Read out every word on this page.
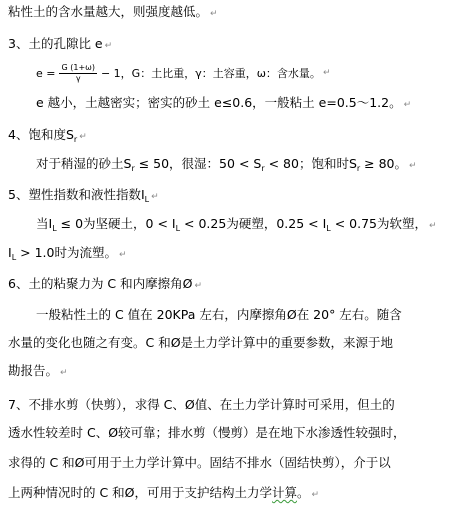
粘性土的含水量越大，则强度越低。 ↵
3、土的孔隙比 e ↵
$e = \frac{G (1+\omega)}{\gamma} - 1$，G：土比重，γ：土容重，ω：含水量。 ↵
e 越小，土越密实；密实的砂土 e≤0.6，一般粘土 e=0.5～1.2。 ↵
4、饱和度$S_r$ ↵
对于稍湿的砂土$S_r \le 50$，很湿：$50 < S_r < 80$；饱和时$S_r \ge 80$。 ↵
5、塑性指数和液性指数$I_L$ ↵
当$I_L \le 0$为坚硬土，$0 < I_L < 0.25$为硬塑，$0.25 < I_L < 0.75$为软塑， ↵
$I_L > 1.0$时为流塑。 ↵
6、土的粘聚力为 C 和内摩擦角Ø ↵
一般粘性土的 C 值在 20KPa 左右，内摩擦角Ø在 20° 左右。随含
水量的变化也随之有变。C 和Ø是土力学计算中的重要参数，来源于地
勘报告。 ↵
7、不排水剪（快剪），求得 C、Ø值、在土力学计算时可采用，但土的
透水性较差时 C、Ø较可靠；排水剪（慢剪）是在地下水渗透性较强时，
求得的 C 和Ø可用于土力学计算中。固结不排水（固结快剪），介于以
上两种情况时的 C 和Ø，可用于支护结构土力学计算。 ↵
